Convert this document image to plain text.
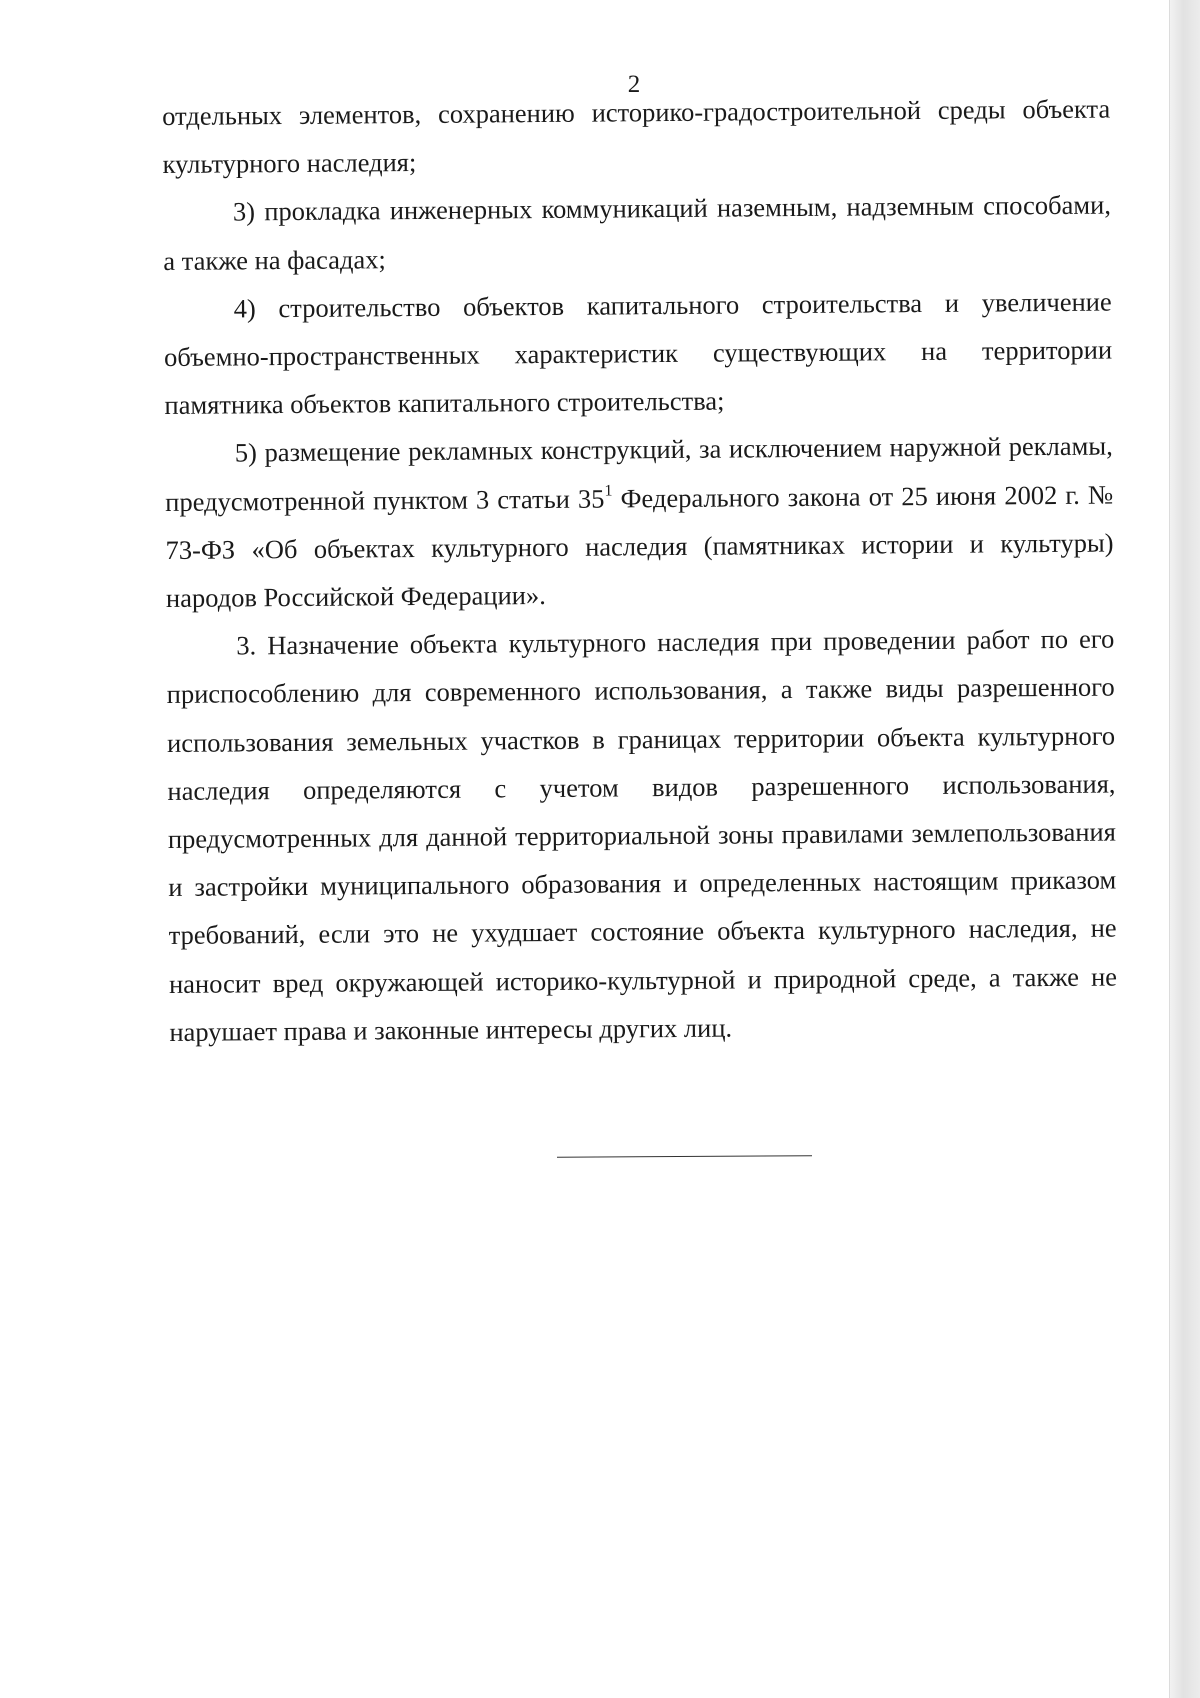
2

отдельных элементов, сохранению историко-градостроительной среды объекта культурного наследия;

3) прокладка инженерных коммуникаций наземным, надземным способами, а также на фасадах;

4) строительство объектов капитального строительства и увеличение объемно-пространственных характеристик существующих на территории памятника объектов капитального строительства;

5) размещение рекламных конструкций, за исключением наружной рекламы, предусмотренной пунктом 3 статьи $35^1$ Федерального закона от 25 июня 2002 г. № 73-ФЗ «Об объектах культурного наследия (памятниках истории и культуры) народов Российской Федерации».

3. Назначение объекта культурного наследия при проведении работ по его приспособлению для современного использования, а также виды разрешенного использования земельных участков в границах территории объекта культурного наследия определяются с учетом видов разрешенного использования, предусмотренных для данной территориальной зоны правилами землепользования и застройки муниципального образования и определенных настоящим приказом требований, если это не ухудшает состояние объекта культурного наследия, не наносит вред окружающей историко-культурной и природной среде, а также не нарушает права и законные интересы других лиц.
